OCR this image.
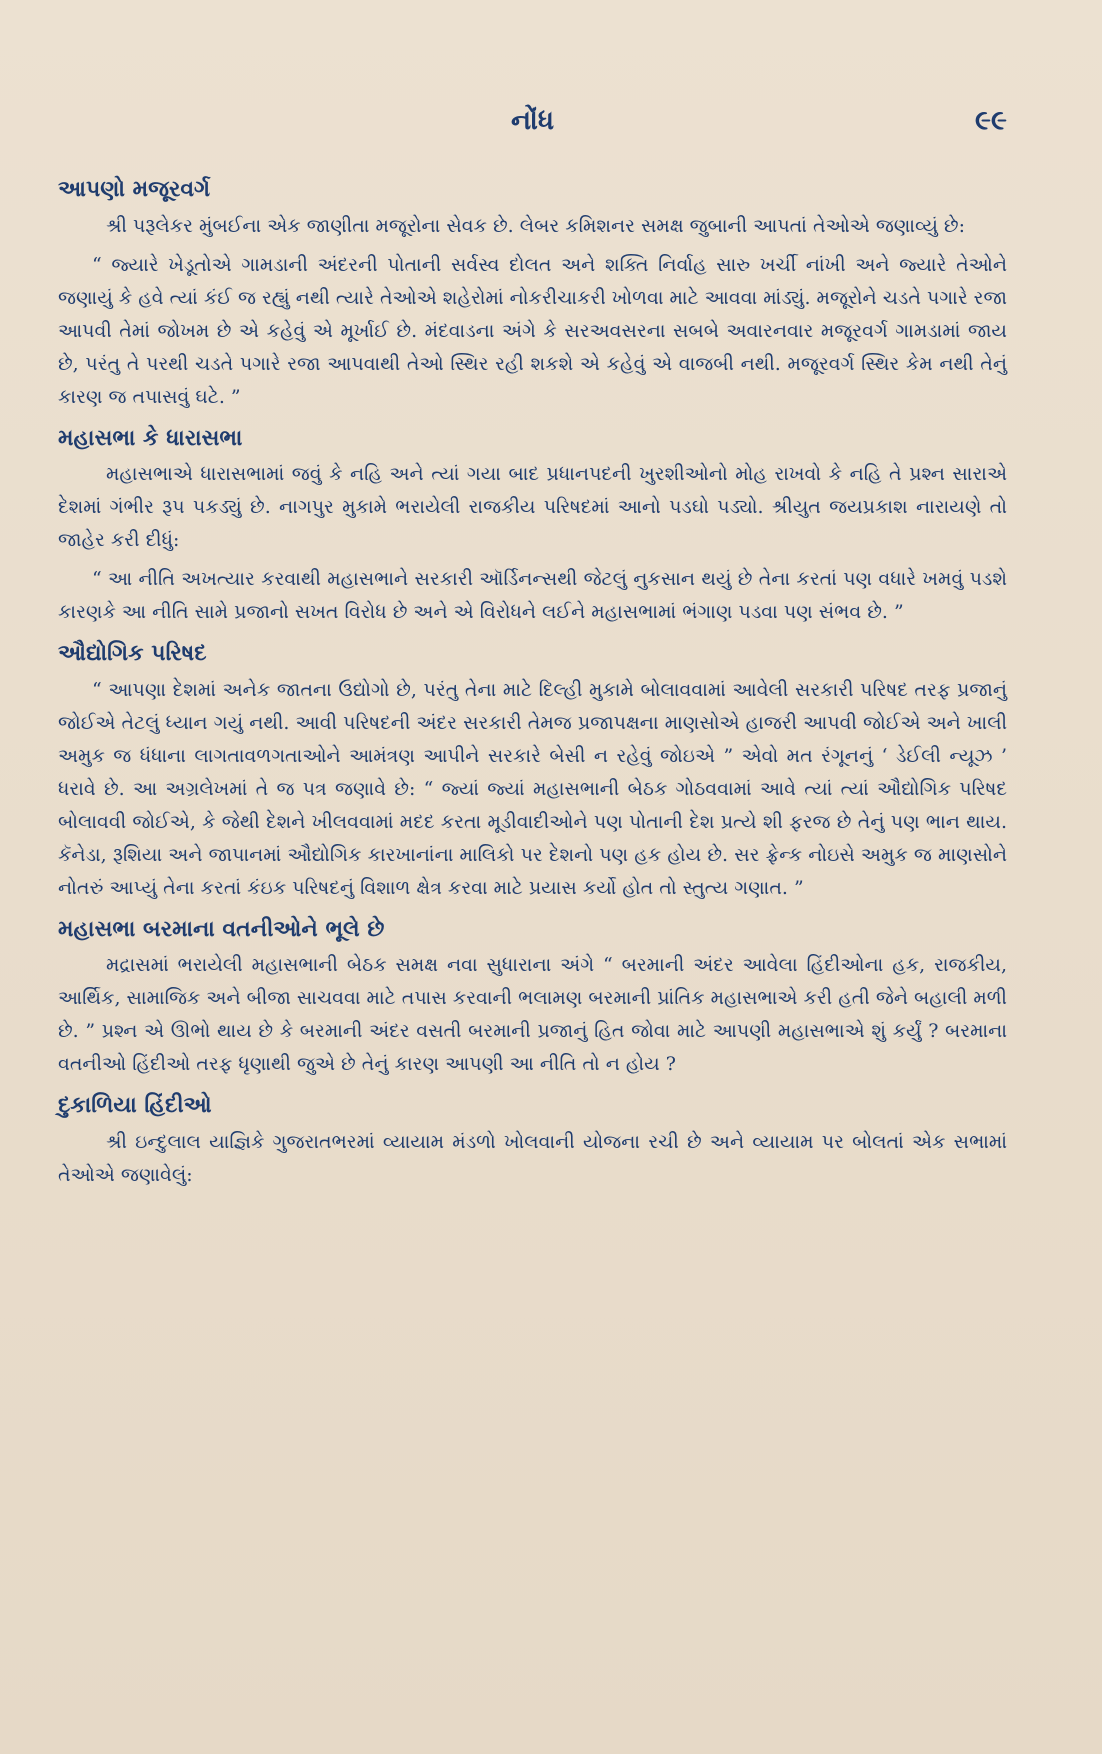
નોંધ	૯૯
આપણો મજૂરવર્ગ

શ્રી પરૂલેકર મુંબઈના એક જાણીતા મજૂરોના સેવક છે. લેબર કમિશનર સમક્ષ જુબાની આપતાં તેઓએ જણાવ્યું છે:

“ જ્યારે ખેડૂતોએ ગામડાની અંદરની પોતાની સર્વસ્વ દોલત અને શક્તિ નિર્વાહ સારુ ખર્ચી નાંખી અને જ્યારે તેઓને જણાયું કે હવે ત્યાં કંઈ જ રહ્યું નથી ત્યારે તેઓએ શહેરોમાં નોકરીચાકરી ખોળવા માટે આવવા માંડ્યું. મજૂરોને ચડતે પગારે રજા આપવી તેમાં જોખમ છે એ કહેવું એ મૂર્ખાઈ છે. મંદવાડના અંગે કે સરઅવસરના સબબે અવારનવાર મજૂરવર્ગ ગામડામાં જાય છે, પરંતુ તે પરથી ચડતે પગારે રજા આપવાથી તેઓ સ્થિર રહી શકશે એ કહેવું એ વાજબી નથી. મજૂરવર્ગ સ્થિર કેમ નથી તેનું કારણ જ તપાસવું ઘટે. ”

મહાસભા કે ધારાસભા

મહાસભાએ ધારાસભામાં જવું કે નહિ અને ત્યાં ગયા બાદ પ્રધાનપદની ખુરશીઓનો મોહ રાખવો કે નહિ તે પ્રશ્ન સારાએ દેશમાં ગંભીર રૂપ પકડ્યું છે. નાગપુર મુકામે ભરાયેલી રાજકીય પરિષદમાં આનો પડઘો પડ્યો. શ્રીયુત જયપ્રકાશ નારાયણે તો જાહેર કરી દીધું:

“ આ નીતિ અખત્યાર કરવાથી મહાસભાને સરકારી ઑર્ડિનન્સથી જેટલું નુકસાન થયું છે તેના કરતાં પણ વધારે ખમવું પડશે કારણકે આ નીતિ સામે પ્રજાનો સખત વિરોધ છે અને એ વિરોધને લઈને મહાસભામાં ભંગાણ પડવા પણ સંભવ છે. ”

ઔદ્યોગિક પરિષદ

“ આપણા દેશમાં અનેક જાતના ઉદ્યોગો છે, પરંતુ તેના માટે દિલ્હી મુકામે બોલાવવામાં આવેલી સરકારી પરિષદ તરફ પ્રજાનું જોઈએ તેટલું ધ્યાન ગયું નથી. આવી પરિષદની અંદર સરકારી તેમજ પ્રજાપક્ષના માણસોએ હાજરી આપવી જોઈએ અને ખાલી અમુક જ ધંધાના લાગતાવળગતાઓને આમંત્રણ આપીને સરકારે બેસી ન રહેવું જોઇએ ” એવો મત રંગૂનનું ‘ ડેઈલી ન્યૂઝ ’ ધરાવે છે. આ અગ્રલેખમાં તે જ પત્ર જણાવે છે: “ જ્યાં જ્યાં મહાસભાની બેઠક ગોઠવવામાં આવે ત્યાં ત્યાં ઔદ્યોગિક પરિષદ બોલાવવી જોઈએ, કે જેથી દેશને ખીલવવામાં મદદ કરતા મૂડીવાદીઓને પણ પોતાની દેશ પ્રત્યે શી ફરજ છે તેનું પણ ભાન થાય. કૅનેડા, રૂશિયા અને જાપાનમાં ઔદ્યોગિક કારખાનાંના માલિકો પર દેશનો પણ હક હોય છે. સર ફ્રેન્ક નોઇસે અમુક જ માણસોને નોતરું આપ્યું તેના કરતાં કંઇક પરિષદનું વિશાળ ક્ષેત્ર કરવા માટે પ્રયાસ કર્યો હોત તો સ્તુત્ય ગણાત. ”

મહાસભા બરમાના વતનીઓને ભૂલે છે

મદ્રાસમાં ભરાયેલી મહાસભાની બેઠક સમક્ષ નવા સુધારાના અંગે “ બરમાની અંદર આવેલા હિંદીઓના હક, રાજકીય, આર્થિક, સામાજિક અને બીજા સાચવવા માટે તપાસ કરવાની ભલામણ બરમાની પ્રાંતિક મહાસભાએ કરી હતી જેને બહાલી મળી છે. ” પ્રશ્ન એ ઊભો થાય છે કે બરમાની અંદર વસતી બરમાની પ્રજાનું હિત જોવા માટે આપણી મહાસભાએ શું કર્યું ? બરમાના વતનીઓ હિંદીઓ તરફ ધૃણાથી જુએ છે તેનું કારણ આપણી આ નીતિ તો ન હોય ?

દુકાળિયા હિંદીઓ

શ્રી ઇન્દુલાલ યાજ્ઞિકે ગુજરાતભરમાં વ્યાયામ મંડળો ખોલવાની યોજના રચી છે અને વ્યાયામ પર બોલતાં એક સભામાં તેઓએ જણાવેલું:
